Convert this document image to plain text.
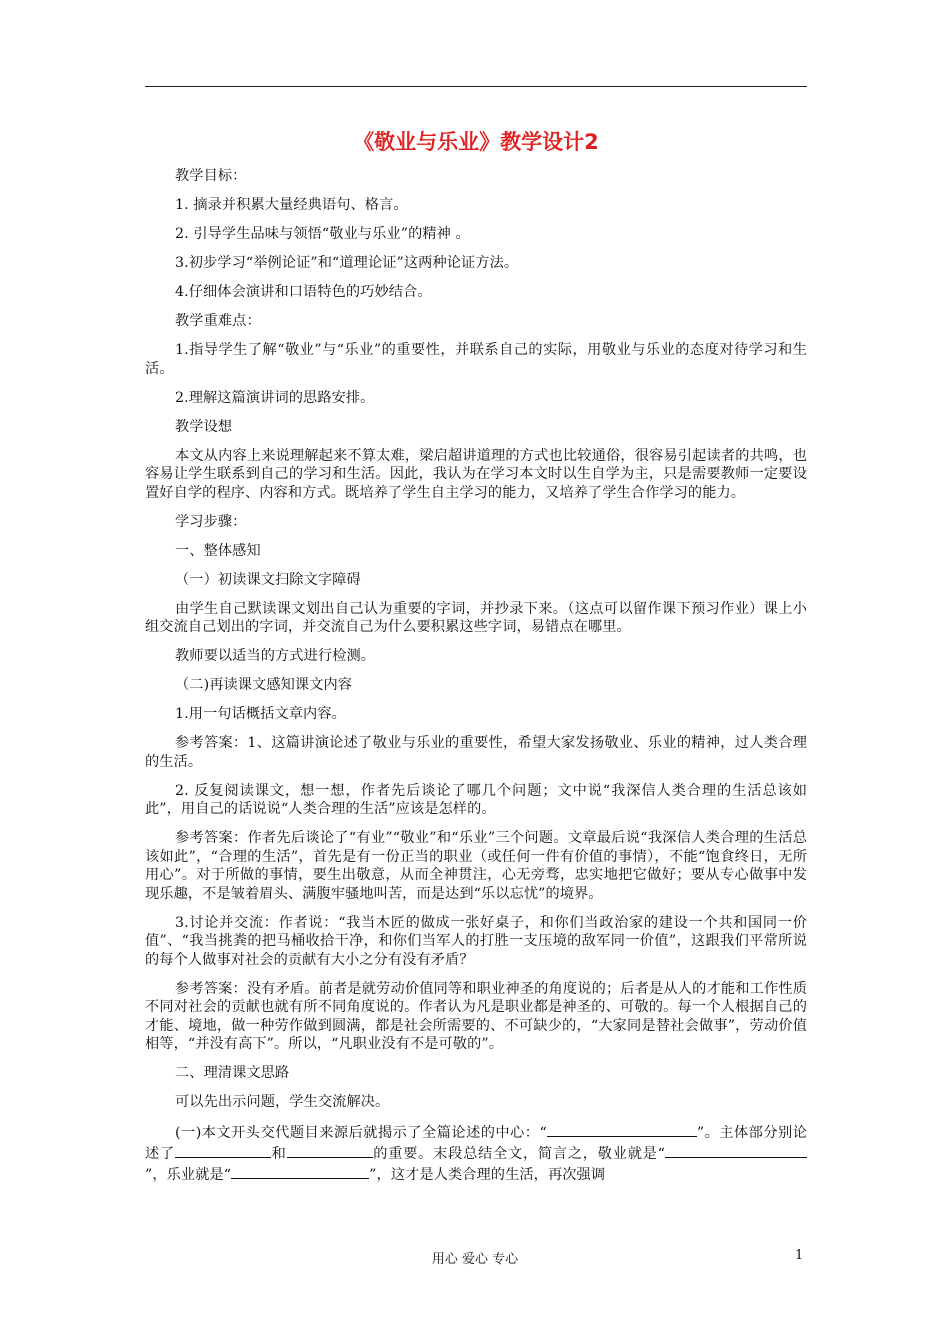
《敬业与乐业》教学设计2
教学目标：
1. 摘录并积累大量经典语句、格言。
2. 引导学生品味与领悟“敬业与乐业”的精神 。
3.初步学习“举例论证”和“道理论证”这两种论证方法。
4.仔细体会演讲和口语特色的巧妙结合。
教学重难点：
1.指导学生了解“敬业”与“乐业”的重要性，并联系自己的实际，用敬业与乐业的态度对待学习和生活。
2.理解这篇演讲词的思路安排。
教学设想
本文从内容上来说理解起来不算太难，梁启超讲道理的方式也比较通俗，很容易引起读者的共鸣，也容易让学生联系到自己的学习和生活。因此，我认为在学习本文时以生自学为主，只是需要教师一定要设置好自学的程序、内容和方式。既培养了学生自主学习的能力，又培养了学生合作学习的能力。
学习步骤：
一、整体感知
（一）初读课文扫除文字障碍
由学生自己默读课文划出自己认为重要的字词，并抄录下来。（这点可以留作课下预习作业）课上小组交流自己划出的字词，并交流自己为什么要积累这些字词，易错点在哪里。
教师要以适当的方式进行检测。
（二)再读课文感知课文内容
1.用一句话概括文章内容。
参考答案：1、这篇讲演论述了敬业与乐业的重要性，希望大家发扬敬业、乐业的精神，过人类合理的生活。
2. 反复阅读课文，想一想，作者先后谈论了哪几个问题；文中说“我深信人类合理的生活总该如此”，用自己的话说说“人类合理的生活”应该是怎样的。
参考答案：作者先后谈论了“有业”“敬业”和“乐业”三个问题。文章最后说“我深信人类合理的生活总该如此”，“合理的生活”，首先是有一份正当的职业（或任何一件有价值的事情），不能“饱食终日，无所用心”。对于所做的事情，要生出敬意，从而全神贯注，心无旁骛，忠实地把它做好；要从专心做事中发现乐趣，不是皱着眉头、满腹牢骚地叫苦，而是达到“乐以忘忧”的境界。
3.讨论并交流：作者说：“我当木匠的做成一张好桌子，和你们当政治家的建设一个共和国同一价值”、“我当挑粪的把马桶收拾干净，和你们当军人的打胜一支压境的敌军同一价值”，这跟我们平常所说的每个人做事对社会的贡献有大小之分有没有矛盾？
参考答案：没有矛盾。前者是就劳动价值同等和职业神圣的角度说的；后者是从人的才能和工作性质不同对社会的贡献也就有所不同角度说的。作者认为凡是职业都是神圣的、可敬的。每一个人根据自己的才能、境地，做一种劳作做到圆满，都是社会所需要的、不可缺少的，“大家同是替社会做事”，劳动价值相等，“并没有高下”。所以，“凡职业没有不是可敬的”。
二、理清课文思路
可以先出示问题，学生交流解决。
(一)本文开头交代题目来源后就揭示了全篇论述的中心：“	”。主体部分别论述了	和	的重要。末段总结全文，简言之，敬业就是“”，乐业就是“	”，这才是人类合理的生活，再次强调
用心 爱心 专心	1
